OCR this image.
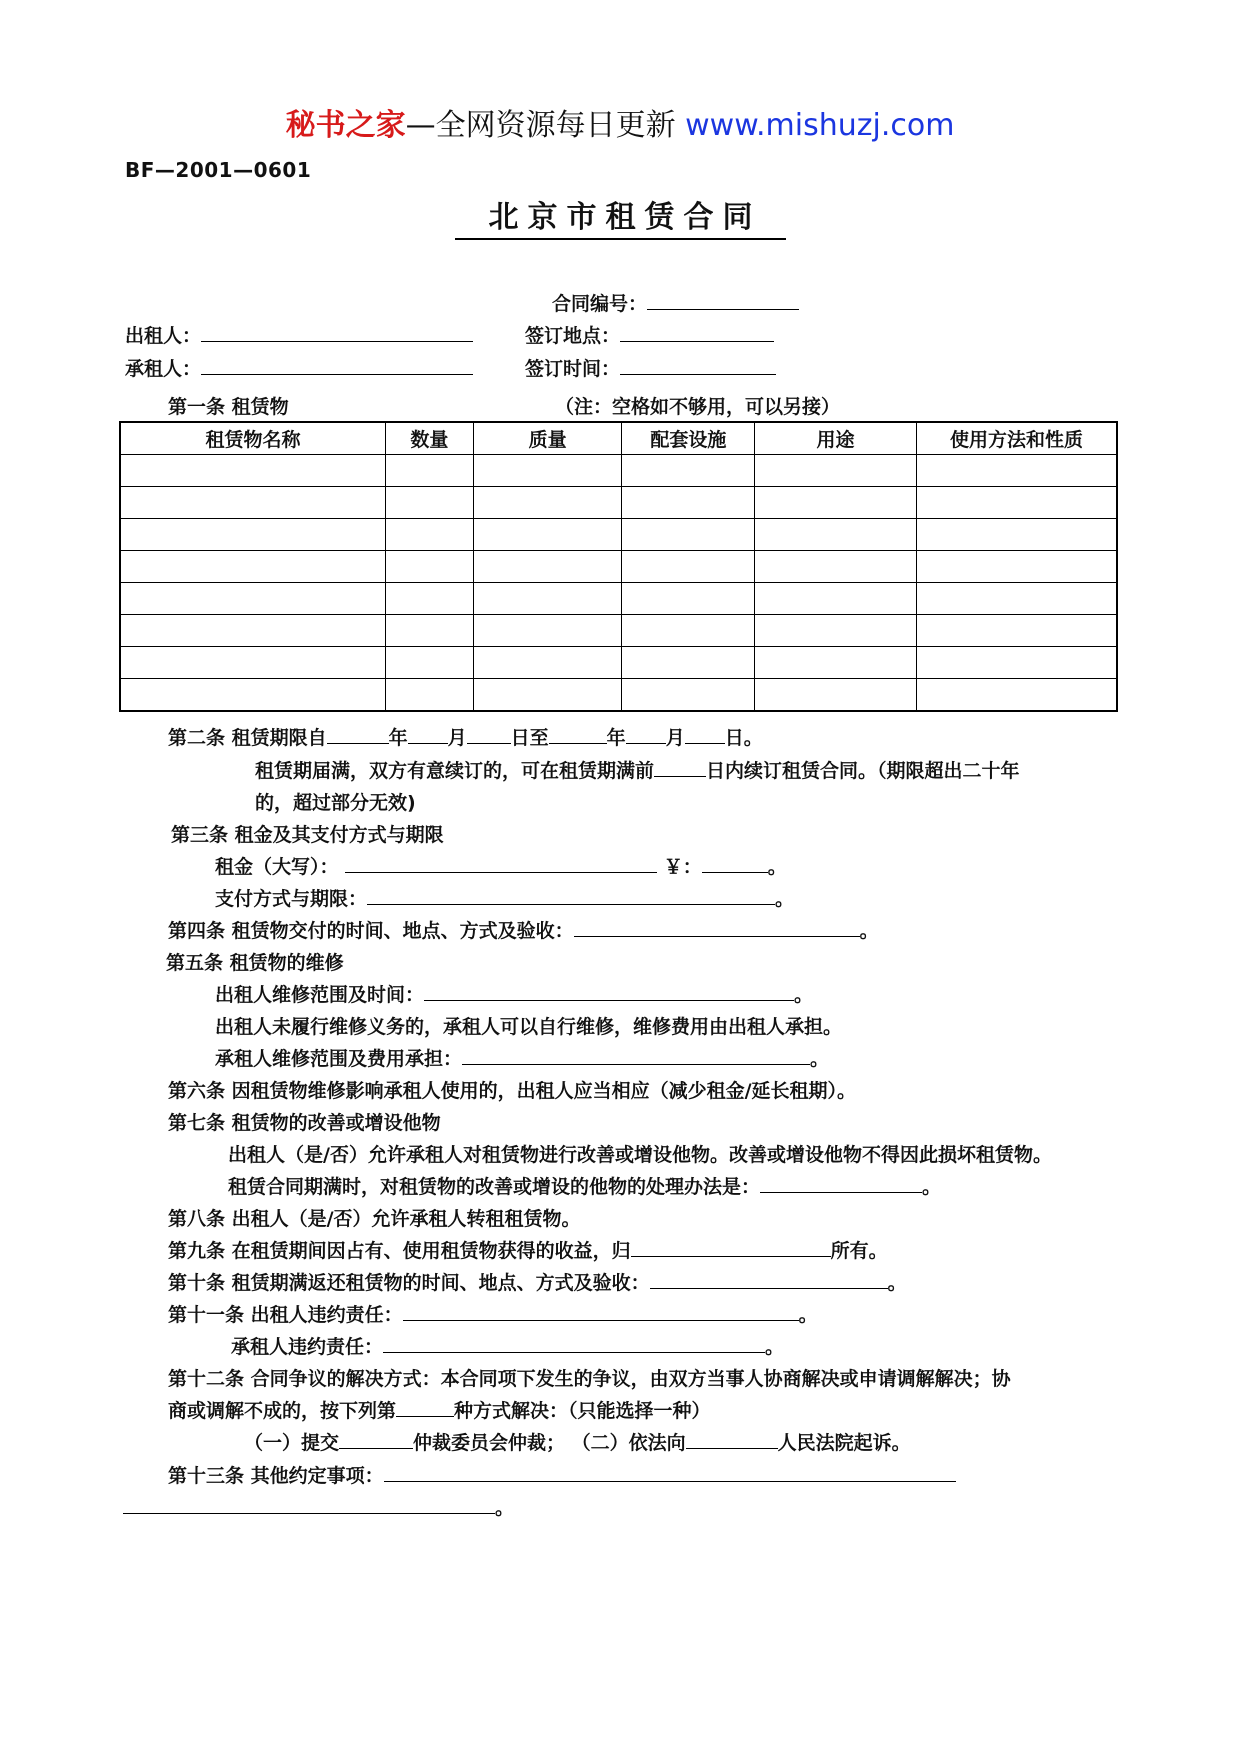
秘书之家—全网资源每日更新 www.mishuzj.com
BF—2001—0601
北京市租赁合同
合同编号：
出租人：	签订地点：
承租人：	签订时间：
第一条 租赁物	（注：空格如不够用，可以另接）
租赁物名称	数量	质量	配套设施	用途	使用方法和性质

第二条 租赁期限自	年 月 日至	年 月 日。
租赁期届满，双方有意续订的，可在租赁期满前	日内续订租赁合同。（期限超出二十年
的，超过部分无效)
第三条 租金及其支付方式与期限
租金（大写）：	￥：	。
支付方式与期限：	。
第四条 租赁物交付的时间、地点、方式及验收：	。
第五条 租赁物的维修
出租人维修范围及时间：	。
出租人未履行维修义务的，承租人可以自行维修，维修费用由出租人承担。
承租人维修范围及费用承担：	。
第六条 因租赁物维修影响承租人使用的，出租人应当相应（减少租金/延长租期）。
第七条 租赁物的改善或增设他物
出租人（是/否）允许承租人对租赁物进行改善或增设他物。改善或增设他物不得因此损坏租赁物。
租赁合同期满时，对租赁物的改善或增设的他物的处理办法是：	。
第八条 出租人（是/否）允许承租人转租租赁物。
第九条 在租赁期间因占有、使用租赁物获得的收益，归	所有。
第十条 租赁期满返还租赁物的时间、地点、方式及验收：	。
第十一条 出租人违约责任：	。
承租人违约责任：	。
第十二条 合同争议的解决方式：本合同项下发生的争议，由双方当事人协商解决或申请调解解决；协
商或调解不成的，按下列第	种方式解决：（只能选择一种）
（一）提交	仲裁委员会仲裁； （二）依法向	人民法院起诉。
第十三条 其他约定事项：
。
